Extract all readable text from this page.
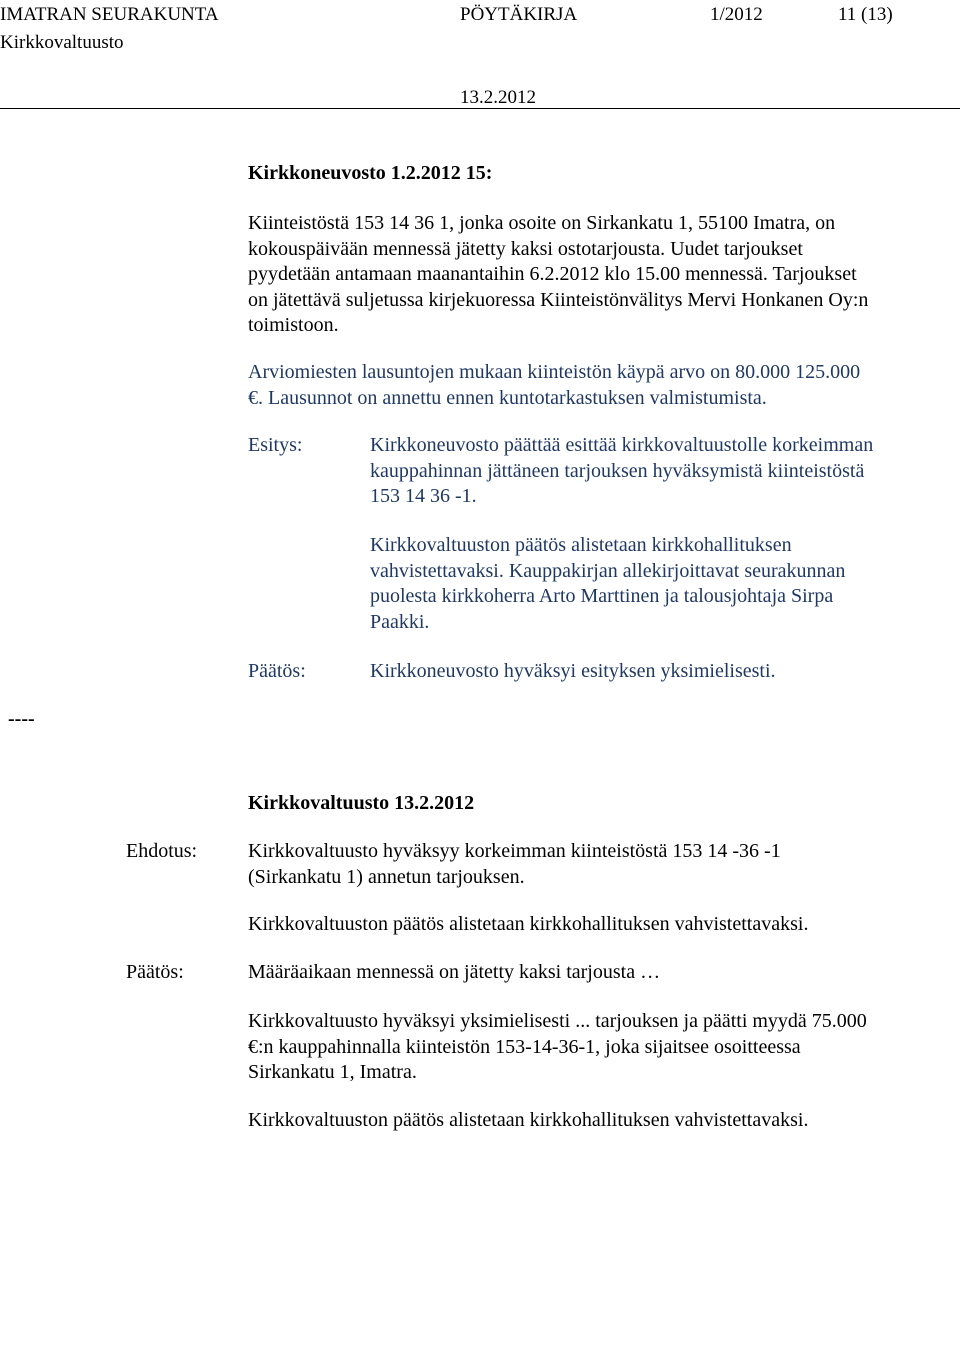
IMATRAN SEURAKUNTA	PÖYTÄKIRJA	1/2012	11 (13)
Kirkkovaltuusto
13.2.2012
Kirkkoneuvosto 1.2.2012 15:
Kiinteistöstä 153 14 36 1, jonka osoite on Sirkankatu 1, 55100 Imatra, on
kokouspäivään mennessä jätetty kaksi ostotarjousta. Uudet tarjoukset
pyydetään antamaan maanantaihin 6.2.2012 klo 15.00 mennessä. Tarjoukset
on jätettävä suljetussa kirjekuoressa Kiinteistönvälitys Mervi Honkanen Oy:n
toimistoon.
Arviomiesten lausuntojen mukaan kiinteistön käypä arvo on 80.000 125.000
€. Lausunnot on annettu ennen kuntotarkastuksen valmistumista.
Esitys:	Kirkkoneuvosto päättää esittää kirkkovaltuustolle korkeimman
kauppahinnan jättäneen tarjouksen hyväksymistä kiinteistöstä
153 14 36 -1.
Kirkkovaltuuston päätös alistetaan kirkkohallituksen
vahvistettavaksi. Kauppakirjan allekirjoittavat seurakunnan
puolesta kirkkoherra Arto Marttinen ja talousjohtaja Sirpa
Paakki.
Päätös:	Kirkkoneuvosto hyväksyi esityksen yksimielisesti.
----
Kirkkovaltuusto 13.2.2012
Ehdotus:	Kirkkovaltuusto hyväksyy korkeimman kiinteistöstä 153 14 -36 -1
(Sirkankatu 1) annetun tarjouksen.
Kirkkovaltuuston päätös alistetaan kirkkohallituksen vahvistettavaksi.
Päätös:	Määräaikaan mennessä on jätetty kaksi tarjousta …
Kirkkovaltuusto hyväksyi yksimielisesti ... tarjouksen ja päätti myydä 75.000
€:n kauppahinnalla kiinteistön 153-14-36-1, joka sijaitsee osoitteessa
Sirkankatu 1, Imatra.
Kirkkovaltuuston päätös alistetaan kirkkohallituksen vahvistettavaksi.
